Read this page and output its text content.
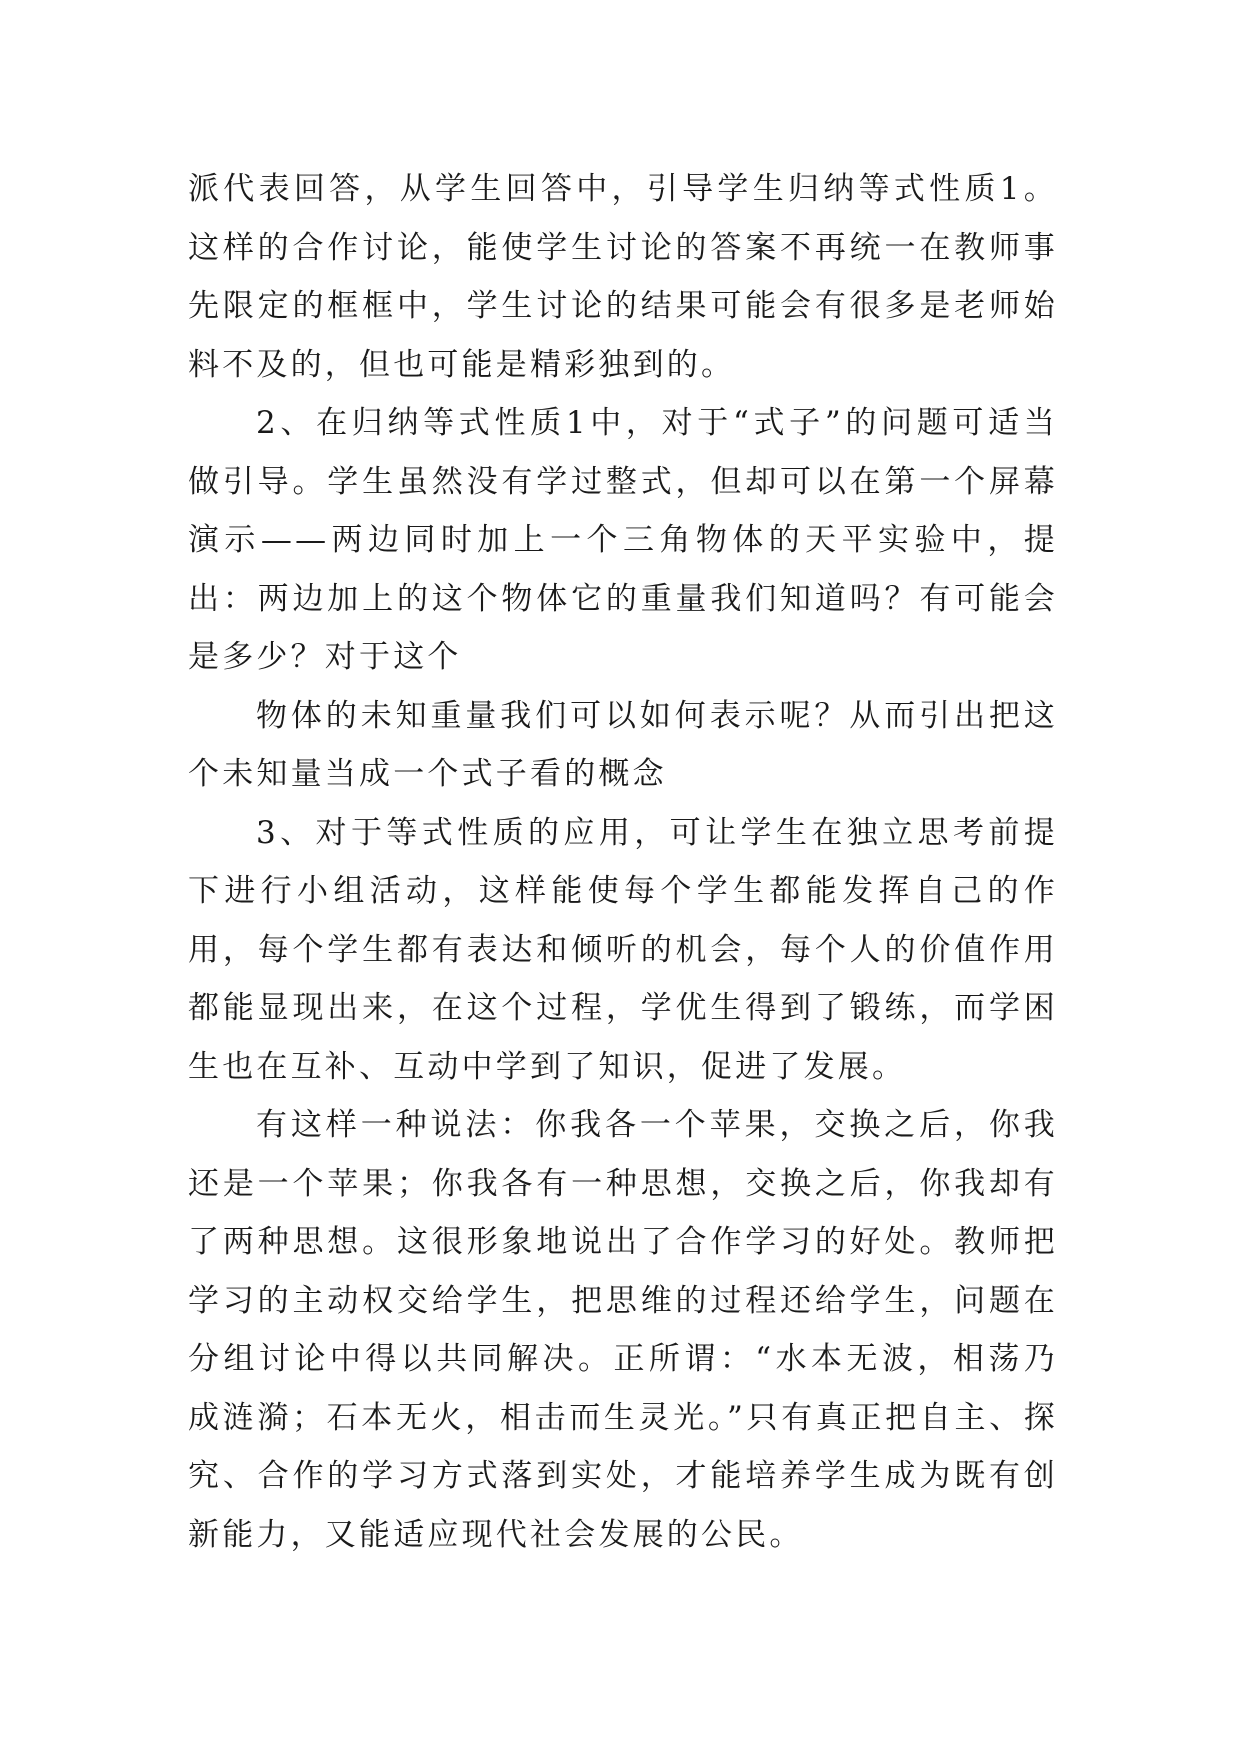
派代表回答，从学生回答中，引导学生归纳等式性质1。这样的合作讨论，能使学生讨论的答案不再统一在教师事先限定的框框中，学生讨论的结果可能会有很多是老师始料不及的，但也可能是精彩独到的。

2、在归纳等式性质1中，对于“式子”的问题可适当做引导。学生虽然没有学过整式，但却可以在第一个屏幕演示——两边同时加上一个三角物体的天平实验中，提出：两边加上的这个物体它的重量我们知道吗？有可能会是多少？对于这个

物体的未知重量我们可以如何表示呢？从而引出把这个未知量当成一个式子看的概念

3、对于等式性质的应用，可让学生在独立思考前提下进行小组活动，这样能使每个学生都能发挥自己的作用，每个学生都有表达和倾听的机会，每个人的价值作用都能显现出来，在这个过程，学优生得到了锻练，而学困生也在互补、互动中学到了知识，促进了发展。

有这样一种说法：你我各一个苹果，交换之后，你我还是一个苹果；你我各有一种思想，交换之后，你我却有了两种思想。这很形象地说出了合作学习的好处。教师把学习的主动权交给学生，把思维的过程还给学生，问题在分组讨论中得以共同解决。正所谓：“水本无波，相荡乃成涟漪；石本无火，相击而生灵光。”只有真正把自主、探究、合作的学习方式落到实处，才能培养学生成为既有创新能力，又能适应现代社会发展的公民。
